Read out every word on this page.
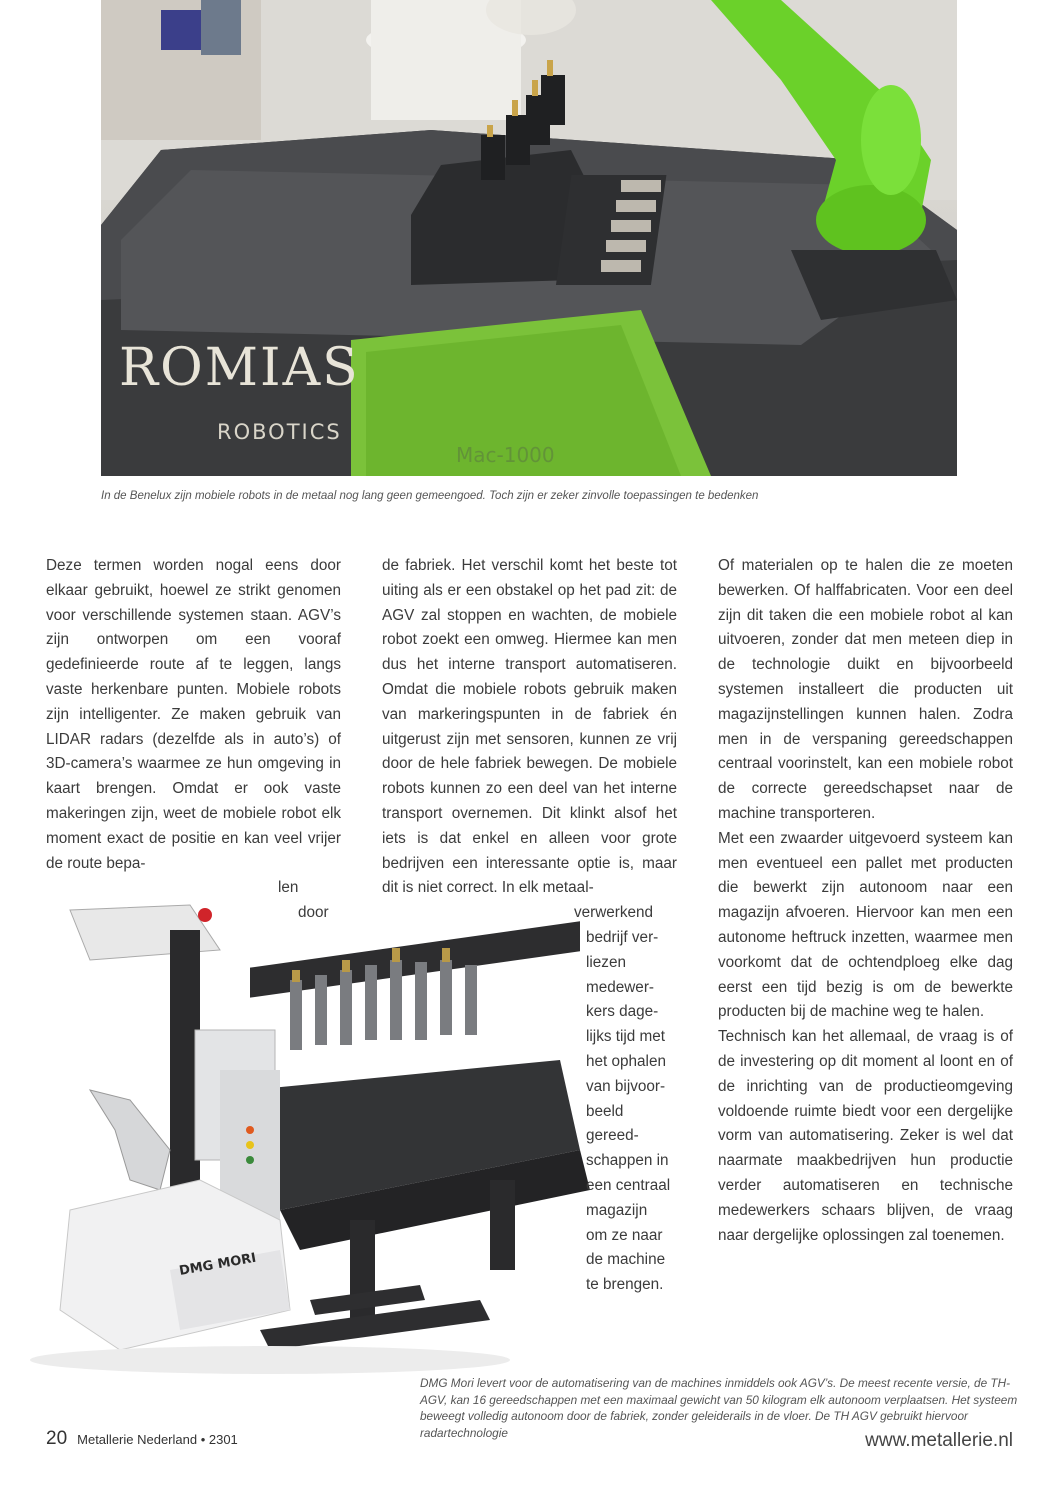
Mac-1000
ROMIAS
ROBOTICS
In de Benelux zijn mobiele robots in de metaal nog lang geen gemeengoed. Toch zijn er zeker zinvolle toepassingen te bedenken
DMG MORI

Deze termen worden nogal eens door elkaar gebruikt, hoewel ze strikt genomen voor verschillende systemen staan. AGV’s zijn ontworpen om een vooraf gedefinieerde route af te leggen, langs vaste herkenbare punten. Mobiele robots zijn intelligenter. Ze maken gebruik van LIDAR radars (dezelfde als in auto’s) of 3D-camera’s waarmee ze hun omgeving in kaart brengen. Omdat er ook vaste makeringen zijn, weet de mobiele robot elk moment exact de positie en kan veel vrijer de route bepa-

len
door

de fabriek. Het verschil komt het beste tot uiting als er een obstakel op het pad zit: de AGV zal stoppen en wachten, de mobiele robot zoekt een omweg. Hiermee kan men dus het interne transport automatiseren. Omdat die mobiele robots gebruik maken van markeringspunten in de fabriek én uitgerust zijn met sensoren, kunnen ze vrij door de hele fabriek bewegen. De mobiele robots kunnen zo een deel van het interne transport overnemen. Dit klinkt alsof het iets is dat enkel en alleen voor grote bedrijven een interessante optie is, maar dit is niet correct. In elk metaal-

verwerkend
bedrijf ver-
liezen
medewer-
kers dage-
lijks tijd met
het ophalen
van bijvoor-
beeld
gereed-
schappen in
een centraal
magazijn
om ze naar
de machine
te brengen.

Of materialen op te halen die ze moeten bewerken. Of halffabricaten. Voor een deel zijn dit taken die een mobiele robot al kan uitvoeren, zonder dat men meteen diep in de technologie duikt en bijvoorbeeld systemen installeert die producten uit magazijnstellingen kunnen halen. Zodra men in de verspaning gereedschappen centraal voorinstelt, kan een mobiele robot de correcte gereedschapset naar de machine transporteren.

Met een zwaarder uitgevoerd systeem kan men eventueel een pallet met producten die bewerkt zijn autonoom naar een magazijn afvoeren. Hiervoor kan men een autonome heftruck inzetten, waarmee men voorkomt dat de ochtendploeg elke dag eerst een tijd bezig is om de bewerkte producten bij de machine weg te halen.

Technisch kan het allemaal, de vraag is of de investering op dit moment al loont en of de inrichting van de productieomgeving voldoende ruimte biedt voor een dergelijke vorm van automatisering. Zeker is wel dat naarmate maakbedrijven hun productie verder automatiseren en technische medewerkers schaars blijven, de vraag naar dergelijke oplossingen zal toenemen.

DMG Mori levert voor de automatisering van de machines inmiddels ook AGV’s. De meest recente versie, de TH-AGV, kan 16 gereedschappen met een maximaal gewicht van 50 kilogram elk autonoom verplaatsen. Het systeem beweegt volledig autonoom door de fabriek, zonder geleiderails in de vloer. De TH AGV gebruikt hiervoor radartechnologie
20 Metallerie Nederland • 2301	www.metallerie.nl
